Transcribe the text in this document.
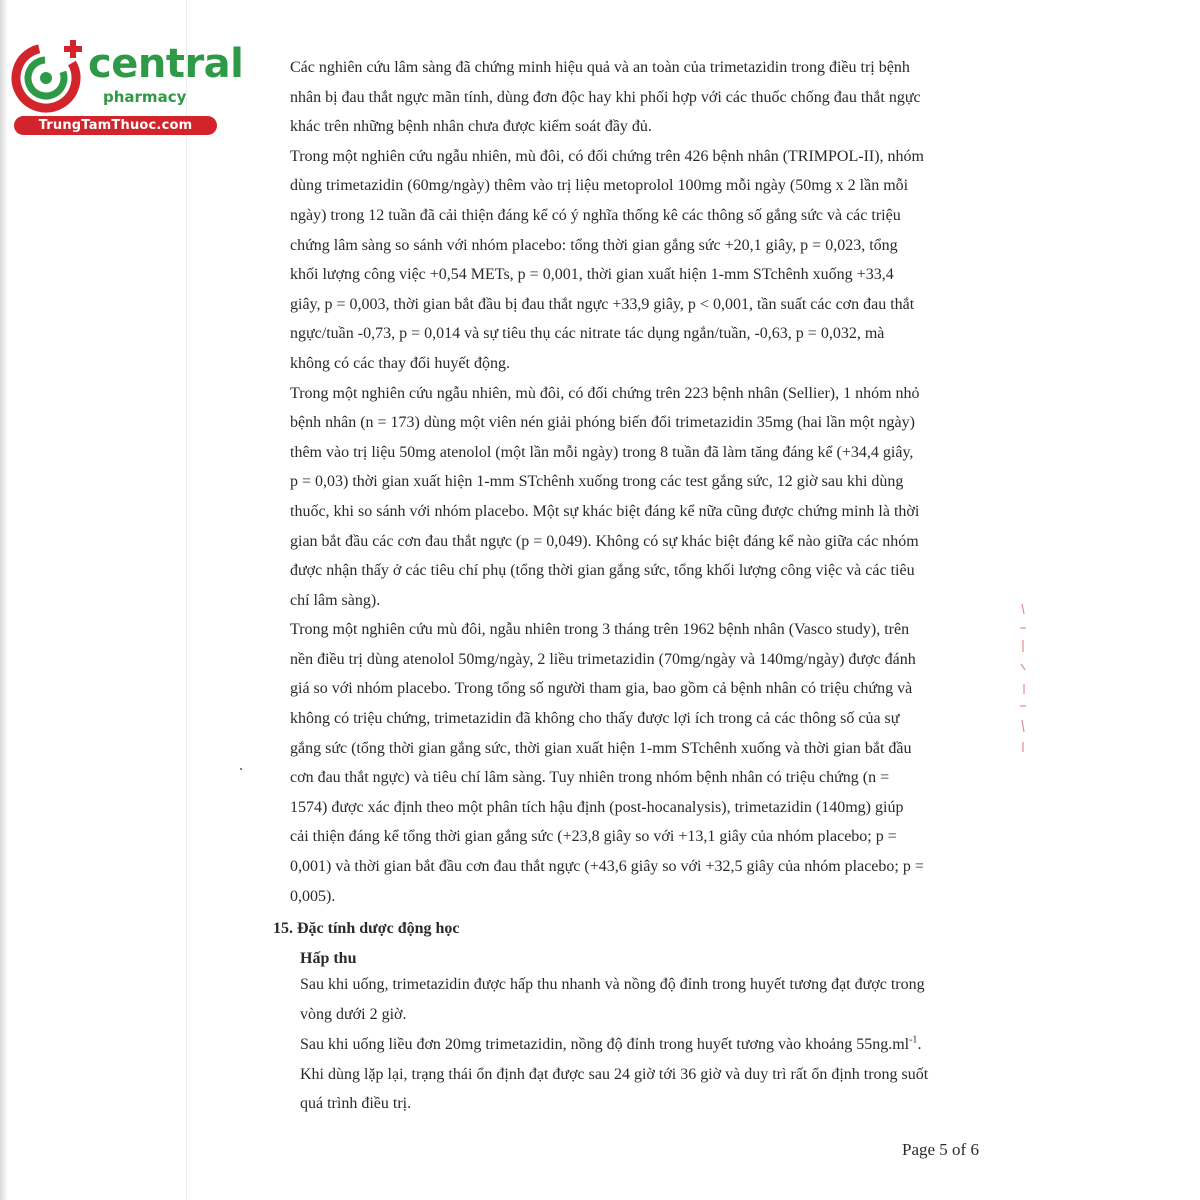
central
pharmacy
TrungTamThuoc.com

Các nghiên cứu lâm sàng đã chứng minh hiệu quả và an toàn của trimetazidin trong điều trị bệnh

nhân bị đau thắt ngực mãn tính, dùng đơn độc hay khi phối hợp với các thuốc chống đau thắt ngực

khác trên những bệnh nhân chưa được kiểm soát đầy đủ.

Trong một nghiên cứu ngẫu nhiên, mù đôi, có đối chứng trên 426 bệnh nhân (TRIMPOL-II), nhóm

dùng trimetazidin (60mg/ngày) thêm vào trị liệu metoprolol 100mg mỗi ngày (50mg x 2 lần mỗi

ngày) trong 12 tuần đã cải thiện đáng kể có ý nghĩa thống kê các thông số gắng sức và các triệu

chứng lâm sàng so sánh với nhóm placebo: tổng thời gian gắng sức +20,1 giây, p = 0,023, tổng

khối lượng công việc +0,54 METs, p = 0,001, thời gian xuất hiện 1-mm STchênh xuống +33,4

giây, p = 0,003, thời gian bắt đầu bị đau thắt ngực +33,9 giây, p < 0,001, tần suất các cơn đau thắt

ngực/tuần -0,73, p = 0,014 và sự tiêu thụ các nitrate tác dụng ngắn/tuần, -0,63, p = 0,032, mà

không có các thay đổi huyết động.

Trong một nghiên cứu ngẫu nhiên, mù đôi, có đối chứng trên 223 bệnh nhân (Sellier), 1 nhóm nhỏ

bệnh nhân (n = 173) dùng một viên nén giải phóng biến đổi trimetazidin 35mg (hai lần một ngày)

thêm vào trị liệu 50mg atenolol (một lần mỗi ngày) trong 8 tuần đã làm tăng đáng kể (+34,4 giây,

p = 0,03) thời gian xuất hiện 1-mm STchênh xuống trong các test gắng sức, 12 giờ sau khi dùng

thuốc, khi so sánh với nhóm placebo. Một sự khác biệt đáng kể nữa cũng được chứng minh là thời

gian bắt đầu các cơn đau thắt ngực (p = 0,049). Không có sự khác biệt đáng kể nào giữa các nhóm

được nhận thấy ở các tiêu chí phụ (tổng thời gian gắng sức, tổng khối lượng công việc và các tiêu

chí lâm sàng).

Trong một nghiên cứu mù đôi, ngẫu nhiên trong 3 tháng trên 1962 bệnh nhân (Vasco study), trên

nền điều trị dùng atenolol 50mg/ngày, 2 liều trimetazidin (70mg/ngày và 140mg/ngày) được đánh

giá so với nhóm placebo. Trong tổng số người tham gia, bao gồm cả bệnh nhân có triệu chứng và

không có triệu chứng, trimetazidin đã không cho thấy được lợi ích trong cả các thông số của sự

gắng sức (tổng thời gian gắng sức, thời gian xuất hiện 1-mm STchênh xuống và thời gian bắt đầu

cơn đau thắt ngực) và tiêu chí lâm sàng. Tuy nhiên trong nhóm bệnh nhân có triệu chứng (n =

1574) được xác định theo một phân tích hậu định (post-hocanalysis), trimetazidin (140mg) giúp

cải thiện đáng kể tổng thời gian gắng sức (+23,8 giây so với +13,1 giây của nhóm placebo; p =

0,001) và thời gian bắt đầu cơn đau thắt ngực (+43,6 giây so với +32,5 giây của nhóm placebo; p =

0,005).

15. Đặc tính dược động học
Hấp thu

Sau khi uống, trimetazidin được hấp thu nhanh và nồng độ đỉnh trong huyết tương đạt được trong

vòng dưới 2 giờ.

Sau khi uống liều đơn 20mg trimetazidin, nồng độ đỉnh trong huyết tương vào khoảng $55ng.ml^{-1}$.

Khi dùng lặp lại, trạng thái ổn định đạt được sau 24 giờ tới 36 giờ và duy trì rất ổn định trong suốt

quá trình điều trị.

Page 5 of 6
